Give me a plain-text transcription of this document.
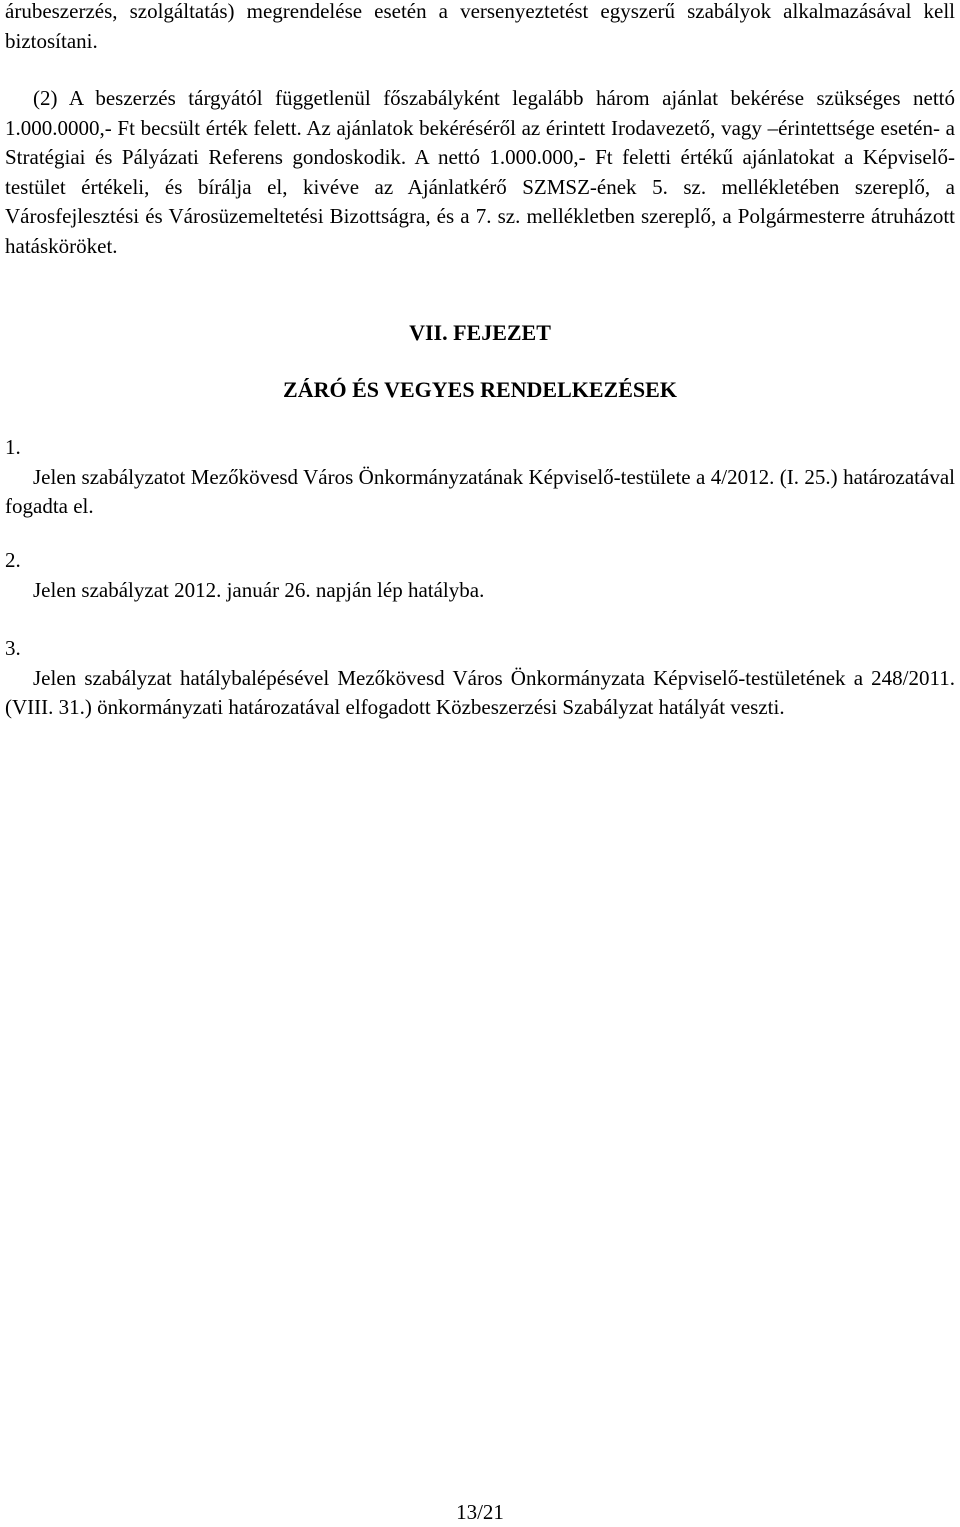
árubeszerzés, szolgáltatás) megrendelése esetén a versenyeztetést egyszerű szabályok alkalmazásával kell biztosítani.

(2) A beszerzés tárgyától függetlenül főszabályként legalább három ajánlat bekérése szükséges nettó 1.000.0000,- Ft becsült érték felett. Az ajánlatok bekéréséről az érintett Irodavezető, vagy –érintettsége esetén- a Stratégiai és Pályázati Referens gondoskodik. A nettó 1.000.000,- Ft feletti értékű ajánlatokat a Képviselő-testület értékeli, és bírálja el, kivéve az Ajánlatkérő SZMSZ-ének 5. sz. mellékletében szereplő, a Városfejlesztési és Városüzemeltetési Bizottságra, és a 7. sz. mellékletben szereplő, a Polgármesterre átruházott hatásköröket.

VII. FEJEZET

ZÁRÓ ÉS VEGYES RENDELKEZÉSEK

1.

Jelen szabályzatot Mezőkövesd Város Önkormányzatának Képviselő-testülete a 4/2012. (I. 25.) határozatával fogadta el.

2.

Jelen szabályzat 2012. január 26. napján lép hatályba.

3.

Jelen szabályzat hatálybalépésével Mezőkövesd Város Önkormányzata Képviselő-testületének a 248/2011. (VIII. 31.) önkormányzati határozatával elfogadott Közbeszerzési Szabályzat hatályát veszti.

13/21
